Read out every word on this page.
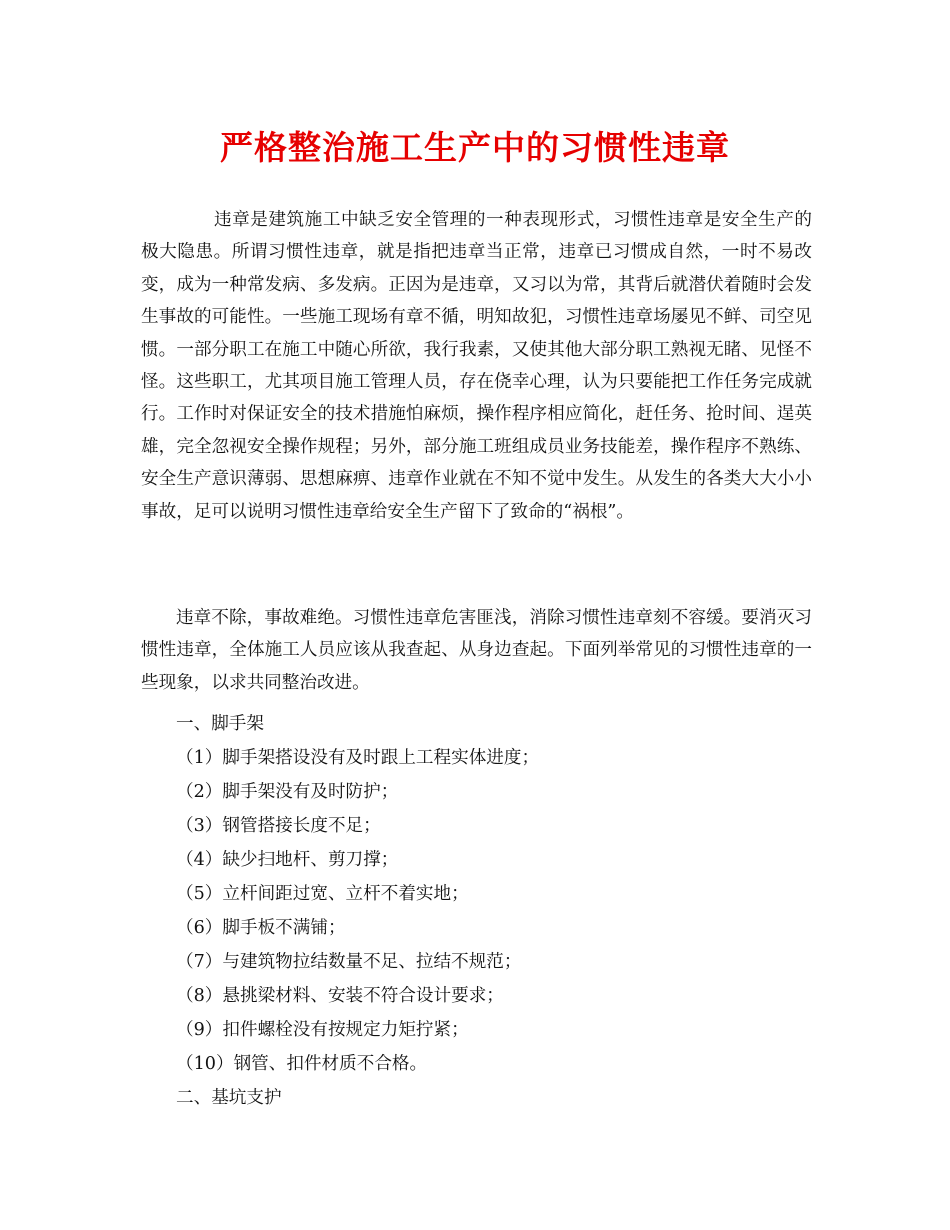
严格整治施工生产中的习惯性违章
违章是建筑施工中缺乏安全管理的一种表现形式，习惯性违章是安全生产的极大隐患。所谓习惯性违章，就是指把违章当正常，违章已习惯成自然，一时不易改变，成为一种常发病、多发病。正因为是违章，又习以为常，其背后就潜伏着随时会发生事故的可能性。一些施工现场有章不循，明知故犯，习惯性违章场屡见不鲜、司空见惯。一部分职工在施工中随心所欲，我行我素，又使其他大部分职工熟视无睹、见怪不怪。这些职工，尤其项目施工管理人员，存在侥幸心理，认为只要能把工作任务完成就行。工作时对保证安全的技术措施怕麻烦，操作程序相应简化，赶任务、抢时间、逞英雄，完全忽视安全操作规程；另外，部分施工班组成员业务技能差，操作程序不熟练、安全生产意识薄弱、思想麻痹、违章作业就在不知不觉中发生。从发生的各类大大小小事故，足可以说明习惯性违章给安全生产留下了致命的“祸根”。
违章不除，事故难绝。习惯性违章危害匪浅，消除习惯性违章刻不容缓。要消灭习惯性违章，全体施工人员应该从我查起、从身边查起。下面列举常见的习惯性违章的一些现象，以求共同整治改进。
一、脚手架
（1）脚手架搭设没有及时跟上工程实体进度；
（2）脚手架没有及时防护；
（3）钢管搭接长度不足；
（4）缺少扫地杆、剪刀撑；
（5）立杆间距过宽、立杆不着实地；
（6）脚手板不满铺；
（7）与建筑物拉结数量不足、拉结不规范；
（8）悬挑梁材料、安装不符合设计要求；
（9）扣件螺栓没有按规定力矩拧紧；
（10）钢管、扣件材质不合格。
二、基坑支护
